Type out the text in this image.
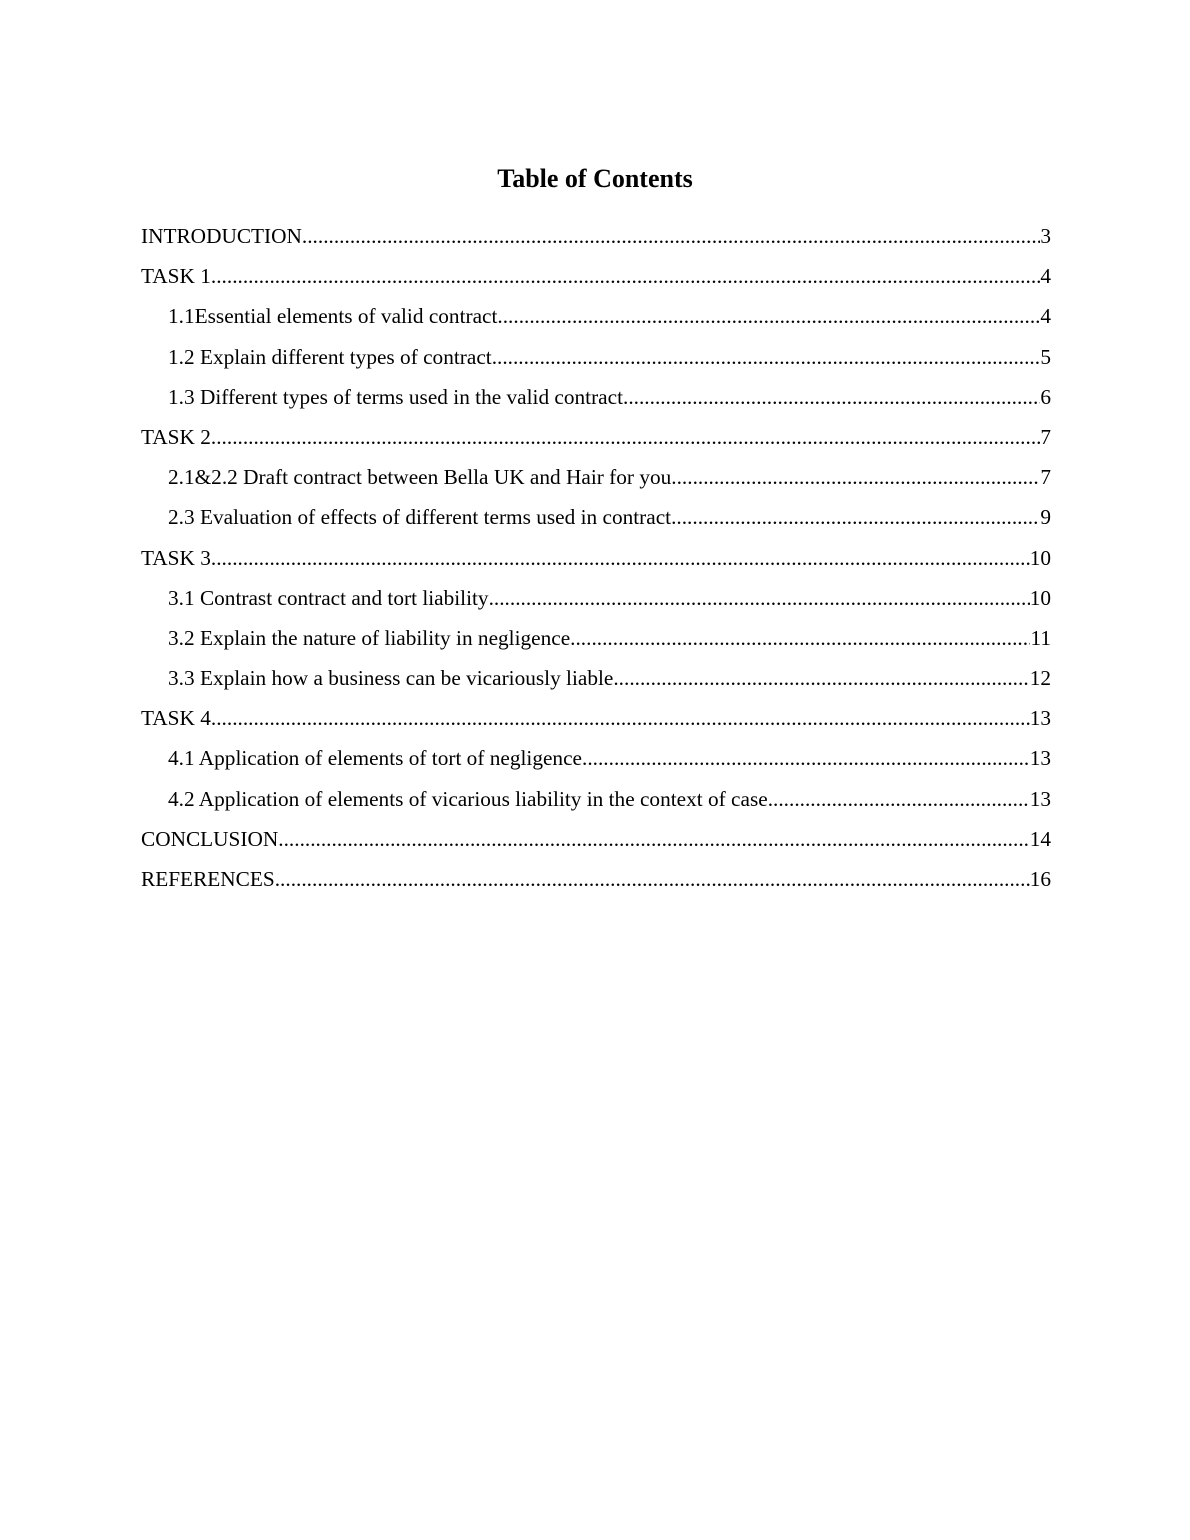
Table of Contents
INTRODUCTION .....	3
TASK 1 .....	4
1.1Essential elements of valid contract .....	4
1.2 Explain different types of contract .....	5
1.3 Different types of terms used in the valid contract .....	6
TASK 2 .....	7
2.1&2.2 Draft contract between Bella UK and Hair for you .....	7
2.3 Evaluation of effects of different terms used in contract .....	9
TASK 3 .....	10
3.1 Contrast contract and tort liability .....	10
3.2 Explain the nature of liability in negligence .....	11
3.3 Explain how a business can be vicariously liable .....	12
TASK 4 .....	13
4.1 Application of elements of tort of negligence .....	13
4.2 Application of elements of vicarious liability in the context of case .....	13
CONCLUSION .....	14
REFERENCES .....	16
